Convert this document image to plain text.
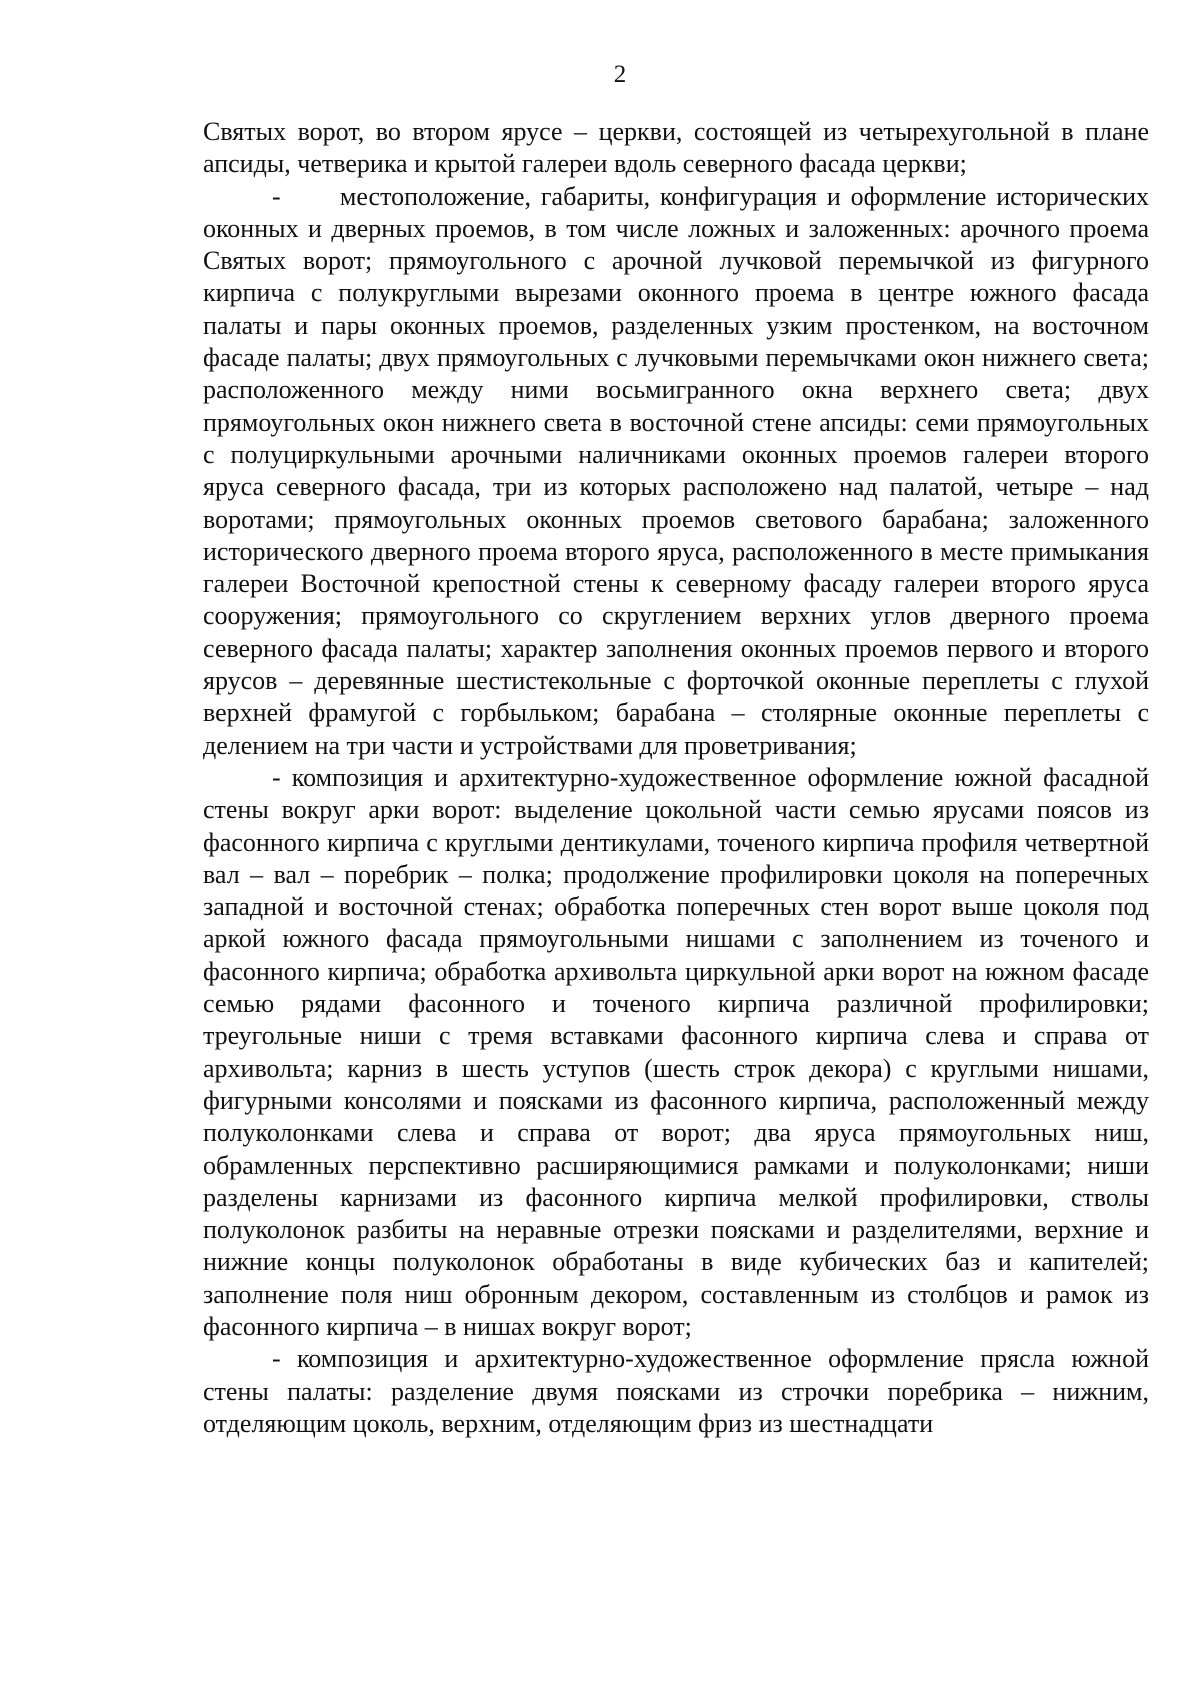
2

Святых ворот, во втором ярусе – церкви, состоящей из четырехугольной в плане апсиды, четверика и крытой галереи вдоль северного фасада церкви;

-      местоположение, габариты, конфигурация и оформление исторических оконных и дверных проемов, в том числе ложных и заложенных: арочного проема Святых ворот; прямоугольного с арочной лучковой перемычкой из фигурного кирпича с полукруглыми вырезами оконного проема в центре южного фасада палаты и пары оконных проемов, разделенных узким простенком, на восточном фасаде палаты; двух прямоугольных с лучковыми перемычками окон нижнего света; расположенного между ними восьмигранного окна верхнего света; двух прямоугольных окон нижнего света в восточной стене апсиды: семи прямоугольных с полуциркульными арочными наличниками оконных проемов галереи второго яруса северного фасада, три из которых расположено над палатой, четыре – над воротами; прямоугольных оконных проемов светового барабана; заложенного исторического дверного проема второго яруса, расположенного в месте примыкания галереи Восточной крепостной стены к северному фасаду галереи второго яруса сооружения; прямоугольного со скруглением верхних углов дверного проема северного фасада палаты; характер заполнения оконных проемов первого и второго ярусов – деревянные шестистекольные с форточкой оконные переплеты с глухой верхней фрамугой с горбыльком; барабана – столярные оконные переплеты с делением на три части и устройствами для проветривания;

- композиция и архитектурно-художественное оформление южной фасадной стены вокруг арки ворот: выделение цокольной части семью ярусами поясов из фасонного кирпича с круглыми дентикулами, точеного кирпича профиля четвертной вал – вал – поребрик – полка; продолжение профилировки цоколя на поперечных западной и восточной стенах; обработка поперечных стен ворот выше цоколя под аркой южного фасада прямоугольными нишами с заполнением из точеного и фасонного кирпича; обработка архивольта циркульной арки ворот на южном фасаде семью рядами фасонного и точеного кирпича различной профилировки; треугольные ниши с тремя вставками фасонного кирпича слева и справа от архивольта; карниз в шесть уступов (шесть строк декора) с круглыми нишами, фигурными консолями и поясками из фасонного кирпича, расположенный между полуколонками слева и справа от ворот; два яруса прямоугольных ниш, обрамленных перспективно расширяющимися рамками и полуколонками; ниши разделены карнизами из фасонного кирпича мелкой профилировки, стволы полуколонок разбиты на неравные отрезки поясками и разделителями, верхние и нижние концы полуколонок обработаны в виде кубических баз и капителей; заполнение поля ниш обронным декором, составленным из столбцов и рамок из фасонного кирпича – в нишах вокруг ворот;

- композиция и архитектурно-художественное оформление прясла южной стены палаты: разделение двумя поясками из строчки поребрика – нижним, отделяющим цоколь, верхним, отделяющим фриз из шестнадцати
